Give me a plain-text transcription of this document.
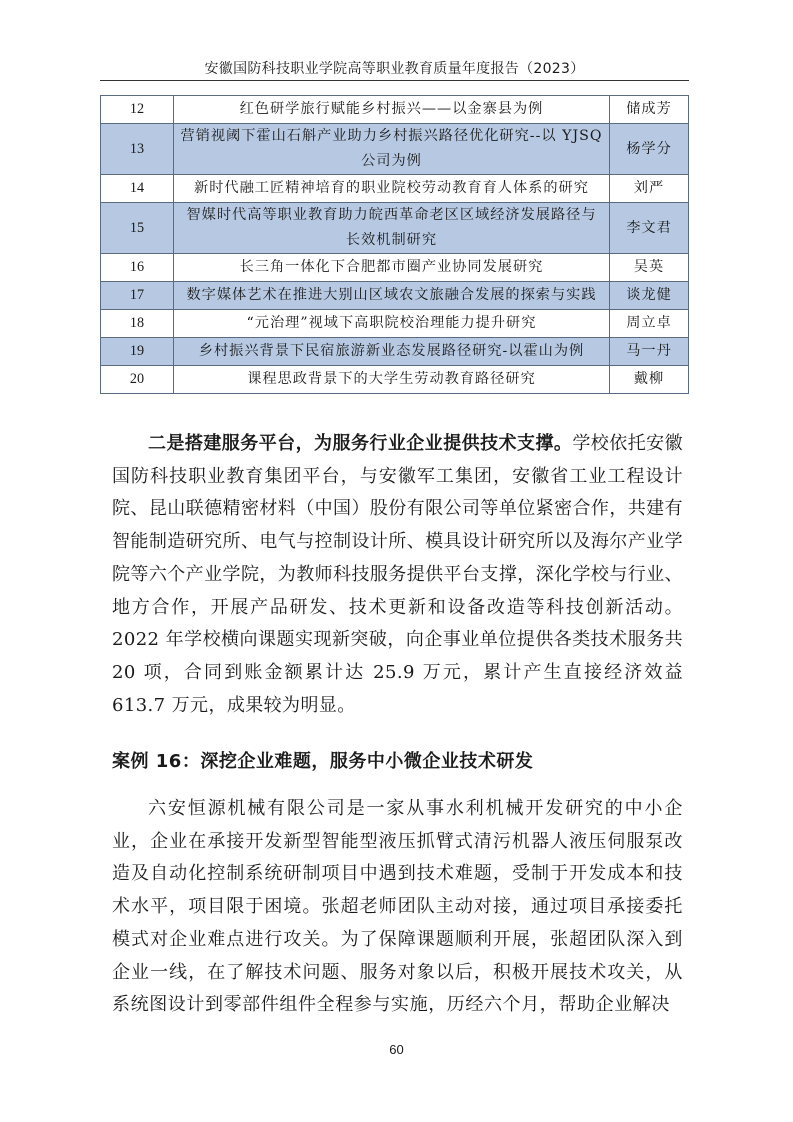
安徽国防科技职业学院高等职业教育质量年度报告（2023）
12	红色研学旅行赋能乡村振兴——以金寨县为例	储成芳
13	营销视阈下霍山石斛产业助力乡村振兴路径优化研究--以 YJSQ 公司为例	杨学分
14	新时代融工匠精神培育的职业院校劳动教育育人体系的研究	刘严
15	智媒时代高等职业教育助力皖西革命老区区域经济发展路径与长效机制研究	李文君
16	长三角一体化下合肥都市圈产业协同发展研究	吴英
17	数字媒体艺术在推进大别山区域农文旅融合发展的探索与实践	谈龙健
18	“元治理”视域下高职院校治理能力提升研究	周立卓
19	乡村振兴背景下民宿旅游新业态发展路径研究-以霍山为例	马一丹
20	课程思政背景下的大学生劳动教育路径研究	戴柳

二是搭建服务平台，为服务行业企业提供技术支撑。学校依托安徽国防科技职业教育集团平台，与安徽军工集团，安徽省工业工程设计院、昆山联德精密材料（中国）股份有限公司等单位紧密合作，共建有智能制造研究所、电气与控制设计所、模具设计研究所以及海尔产业学院等六个产业学院，为教师科技服务提供平台支撑，深化学校与行业、地方合作，开展产品研发、技术更新和设备改造等科技创新活动。2022 年学校横向课题实现新突破，向企事业单位提供各类技术服务共 20 项，合同到账金额累计达 25.9 万元，累计产生直接经济效益 613.7 万元，成果较为明显。

案例 16：深挖企业难题，服务中小微企业技术研发

六安恒源机械有限公司是一家从事水利机械开发研究的中小企业，企业在承接开发新型智能型液压抓臂式清污机器人液压伺服泵改造及自动化控制系统研制项目中遇到技术难题，受制于开发成本和技术水平，项目限于困境。张超老师团队主动对接，通过项目承接委托模式对企业难点进行攻关。为了保障课题顺利开展，张超团队深入到企业一线，在了解技术问题、服务对象以后，积极开展技术攻关，从系统图设计到零部件组件全程参与实施，历经六个月，帮助企业解决

60
